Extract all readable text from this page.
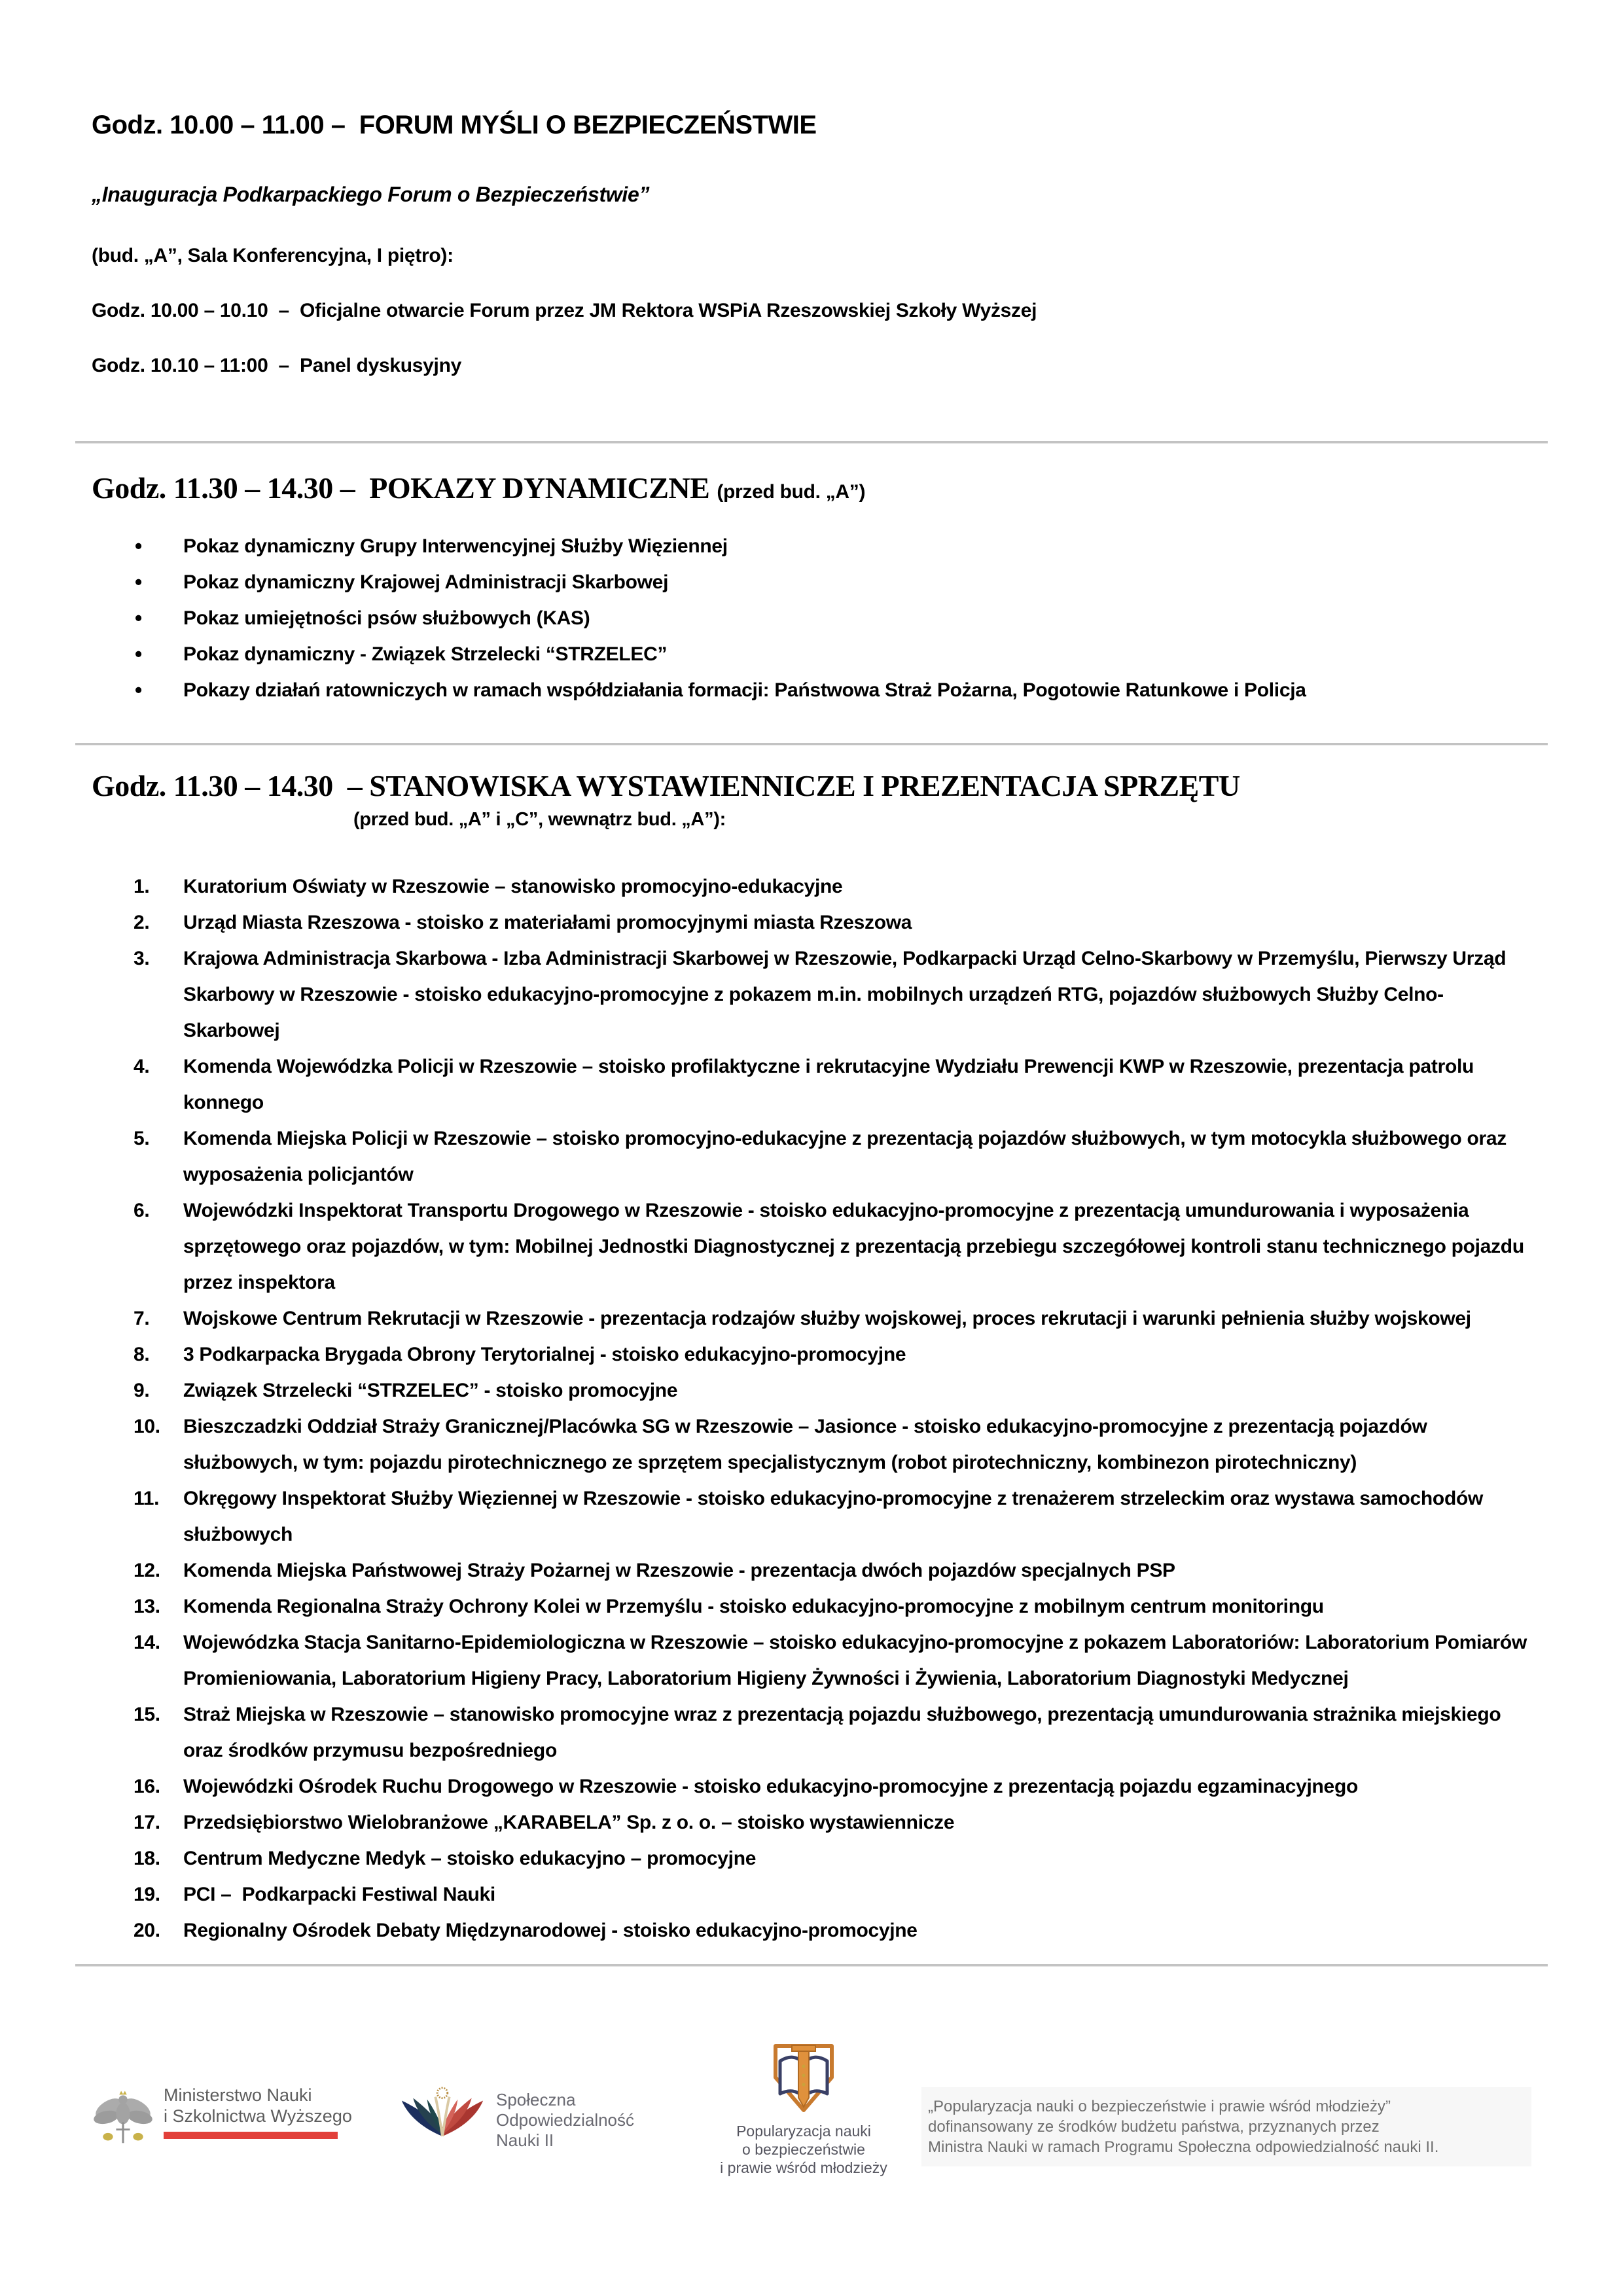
Godz. 10.00 – 11.00 –  FORUM MYŚLI O BEZPIECZEŃSTWIE

„Inauguracja Podkarpackiego Forum o Bezpieczeństwie”

(bud. „A”, Sala Konferencyjna, I piętro):

Godz. 10.00 – 10.10  –  Oficjalne otwarcie Forum przez JM Rektora WSPiA Rzeszowskiej Szkoły Wyższej

Godz. 10.10 – 11:00  –  Panel dyskusyjny

Godz. 11.30 – 14.30 –  POKAZY DYNAMICZNE (przed bud. „A”)
• Pokaz dynamiczny Grupy Interwencyjnej Służby Więziennej
• Pokaz dynamiczny Krajowej Administracji Skarbowej
• Pokaz umiejętności psów służbowych (KAS)
• Pokaz dynamiczny - Związek Strzelecki “STRZELEC”
• Pokazy działań ratowniczych w ramach współdziałania formacji: Państwowa Straż Pożarna, Pogotowie Ratunkowe i Policja
Godz. 11.30 – 14.30  – STANOWISKA WYSTAWIENNICZE I PREZENTACJA SPRZĘTU

(przed bud. „A” i „C”, wewnątrz bud. „A”):

1.	Kuratorium Oświaty w Rzeszowie – stanowisko promocyjno-edukacyjne
2.	Urząd Miasta Rzeszowa - stoisko z materiałami promocyjnymi miasta Rzeszowa
3.	Krajowa Administracja Skarbowa - Izba Administracji Skarbowej w Rzeszowie, Podkarpacki Urząd Celno-Skarbowy w Przemyślu, Pierwszy Urząd Skarbowy w Rzeszowie - stoisko edukacyjno-promocyjne z pokazem m.in. mobilnych urządzeń RTG, pojazdów służbowych Służby Celno-Skarbowej
4.	Komenda Wojewódzka Policji w Rzeszowie – stoisko profilaktyczne i rekrutacyjne Wydziału Prewencji KWP w Rzeszowie, prezentacja patrolu konnego
5.	Komenda Miejska Policji w Rzeszowie – stoisko promocyjno-edukacyjne z prezentacją pojazdów służbowych, w tym motocykla służbowego oraz wyposażenia policjantów
6.	Wojewódzki Inspektorat Transportu Drogowego w Rzeszowie - stoisko edukacyjno-promocyjne z prezentacją umundurowania i wyposażenia sprzętowego oraz pojazdów, w tym: Mobilnej Jednostki Diagnostycznej z prezentacją przebiegu szczegółowej kontroli stanu technicznego pojazdu przez inspektora
7.	Wojskowe Centrum Rekrutacji w Rzeszowie - prezentacja rodzajów służby wojskowej, proces rekrutacji i warunki pełnienia służby wojskowej
8.	3 Podkarpacka Brygada Obrony Terytorialnej - stoisko edukacyjno-promocyjne
9.	Związek Strzelecki “STRZELEC” - stoisko promocyjne
10.	Bieszczadzki Oddział Straży Granicznej/Placówka SG w Rzeszowie – Jasionce - stoisko edukacyjno-promocyjne z prezentacją pojazdów służbowych, w tym: pojazdu pirotechnicznego ze sprzętem specjalistycznym (robot pirotechniczny, kombinezon pirotechniczny)
11.	Okręgowy Inspektorat Służby Więziennej w Rzeszowie - stoisko edukacyjno-promocyjne z trenażerem strzeleckim oraz wystawa samochodów służbowych
12.	Komenda Miejska Państwowej Straży Pożarnej w Rzeszowie - prezentacja dwóch pojazdów specjalnych PSP
13.	Komenda Regionalna Straży Ochrony Kolei w Przemyślu - stoisko edukacyjno-promocyjne z mobilnym centrum monitoringu
14.	Wojewódzka Stacja Sanitarno-Epidemiologiczna w Rzeszowie – stoisko edukacyjno-promocyjne z pokazem Laboratoriów: Laboratorium Pomiarów Promieniowania, Laboratorium Higieny Pracy, Laboratorium Higieny Żywności i Żywienia, Laboratorium Diagnostyki Medycznej
15.	Straż Miejska w Rzeszowie – stanowisko promocyjne wraz z prezentacją pojazdu służbowego, prezentacją umundurowania strażnika miejskiego oraz środków przymusu bezpośredniego
16.	Wojewódzki Ośrodek Ruchu Drogowego w Rzeszowie - stoisko edukacyjno-promocyjne z prezentacją pojazdu egzaminacyjnego
17.	Przedsiębiorstwo Wielobranżowe „KARABELA” Sp. z o. o. – stoisko wystawiennicze
18.	Centrum Medyczne Medyk – stoisko edukacyjno – promocyjne
19.	PCI –  Podkarpacki Festiwal Nauki
20.	Regionalny Ośrodek Debaty Międzynarodowej - stoisko edukacyjno-promocyjne
Ministerstwo Nauki
i Szkolnictwa Wyższego
Społeczna
Odpowiedzialność
Nauki II	Popularyzacja nauki
o bezpieczeństwie
i prawie wśród młodzieży
„Popularyzacja nauki o bezpieczeństwie i prawie wśród młodzieży”
dofinansowany ze środków budżetu państwa, przyznanych przez
Ministra Nauki w ramach Programu Społeczna odpowiedzialność nauki II.
